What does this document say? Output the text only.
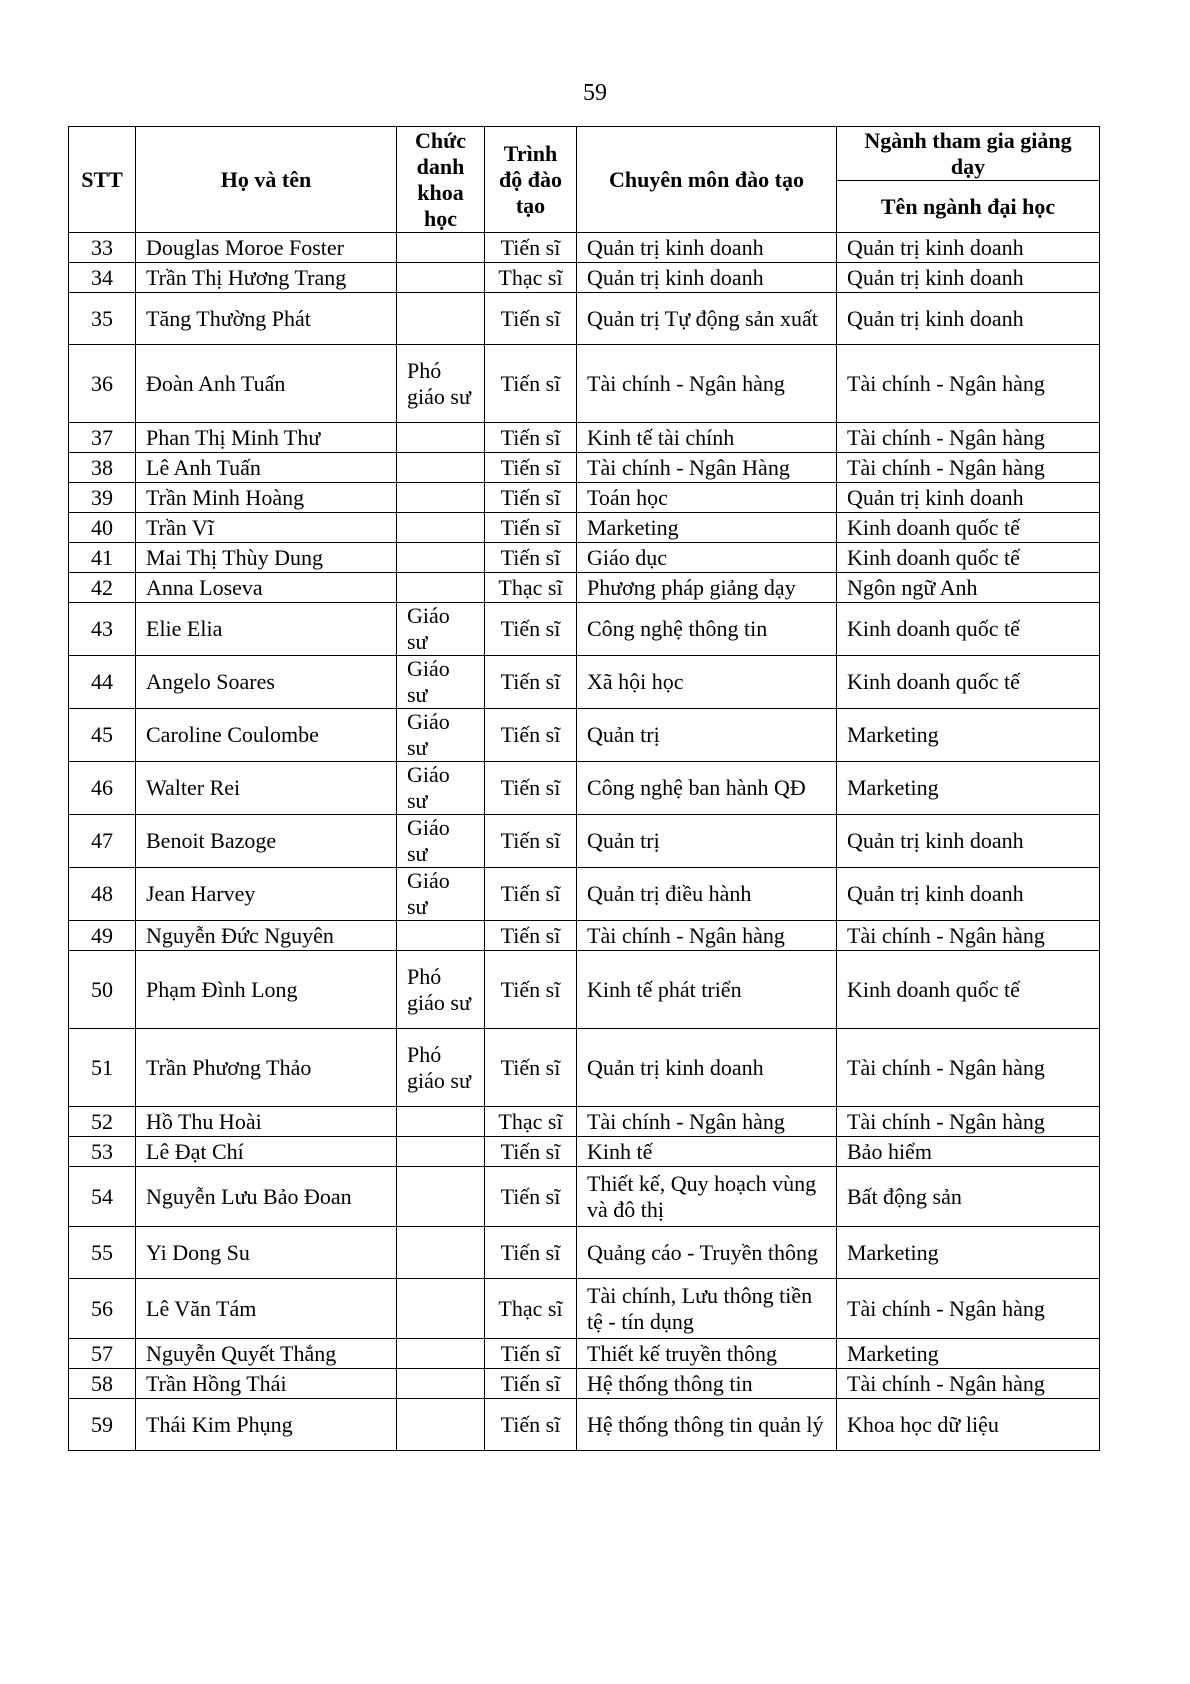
59
STT	Họ và tên	Chức danh khoa học	Trình độ đào tạo	Chuyên môn đào tạo	Ngành tham gia giảng dạy
					Tên ngành đại học
33	Douglas Moroe Foster		Tiến sĩ	Quản trị kinh doanh	Quản trị kinh doanh
34	Trần Thị Hương Trang		Thạc sĩ	Quản trị kinh doanh	Quản trị kinh doanh
35	Tăng Thường Phát		Tiến sĩ	Quản trị Tự động sản xuất	Quản trị kinh doanh
36	Đoàn Anh Tuấn	Phó giáo sư	Tiến sĩ	Tài chính - Ngân hàng	Tài chính - Ngân hàng
37	Phan Thị Minh Thư		Tiến sĩ	Kinh tế tài chính	Tài chính - Ngân hàng
38	Lê Anh Tuấn		Tiến sĩ	Tài chính - Ngân Hàng	Tài chính - Ngân hàng
39	Trần Minh Hoàng		Tiến sĩ	Toán học	Quản trị kinh doanh
40	Trần Vĩ		Tiến sĩ	Marketing	Kinh doanh quốc tế
41	Mai Thị Thùy Dung		Tiến sĩ	Giáo dục	Kinh doanh quốc tế
42	Anna Loseva		Thạc sĩ	Phương pháp giảng dạy	Ngôn ngữ Anh
43	Elie Elia	Giáo sư	Tiến sĩ	Công nghệ thông tin	Kinh doanh quốc tế
44	Angelo Soares	Giáo sư	Tiến sĩ	Xã hội học	Kinh doanh quốc tế
45	Caroline Coulombe	Giáo sư	Tiến sĩ	Quản trị	Marketing
46	Walter Rei	Giáo sư	Tiến sĩ	Công nghệ ban hành QĐ	Marketing
47	Benoit Bazoge	Giáo sư	Tiến sĩ	Quản trị	Quản trị kinh doanh
48	Jean Harvey	Giáo sư	Tiến sĩ	Quản trị điều hành	Quản trị kinh doanh
49	Nguyễn Đức Nguyên		Tiến sĩ	Tài chính - Ngân hàng	Tài chính - Ngân hàng
50	Phạm Đình Long	Phó giáo sư	Tiến sĩ	Kinh tế phát triển	Kinh doanh quốc tế
51	Trần Phương Thảo	Phó giáo sư	Tiến sĩ	Quản trị kinh doanh	Tài chính - Ngân hàng
52	Hồ Thu Hoài		Thạc sĩ	Tài chính - Ngân hàng	Tài chính - Ngân hàng
53	Lê Đạt Chí		Tiến sĩ	Kinh tế	Bảo hiểm
54	Nguyễn Lưu Bảo Đoan		Tiến sĩ	Thiết kế, Quy hoạch vùng và đô thị	Bất động sản
55	Yi Dong Su		Tiến sĩ	Quảng cáo - Truyền thông	Marketing
56	Lê Văn Tám		Thạc sĩ	Tài chính, Lưu thông tiền tệ - tín dụng	Tài chính - Ngân hàng
57	Nguyễn Quyết Thắng		Tiến sĩ	Thiết kế truyền thông	Marketing
58	Trần Hồng Thái		Tiến sĩ	Hệ thống thông tin	Tài chính - Ngân hàng
59	Thái Kim Phụng		Tiến sĩ	Hệ thống thông tin quản lý	Khoa học dữ liệu
